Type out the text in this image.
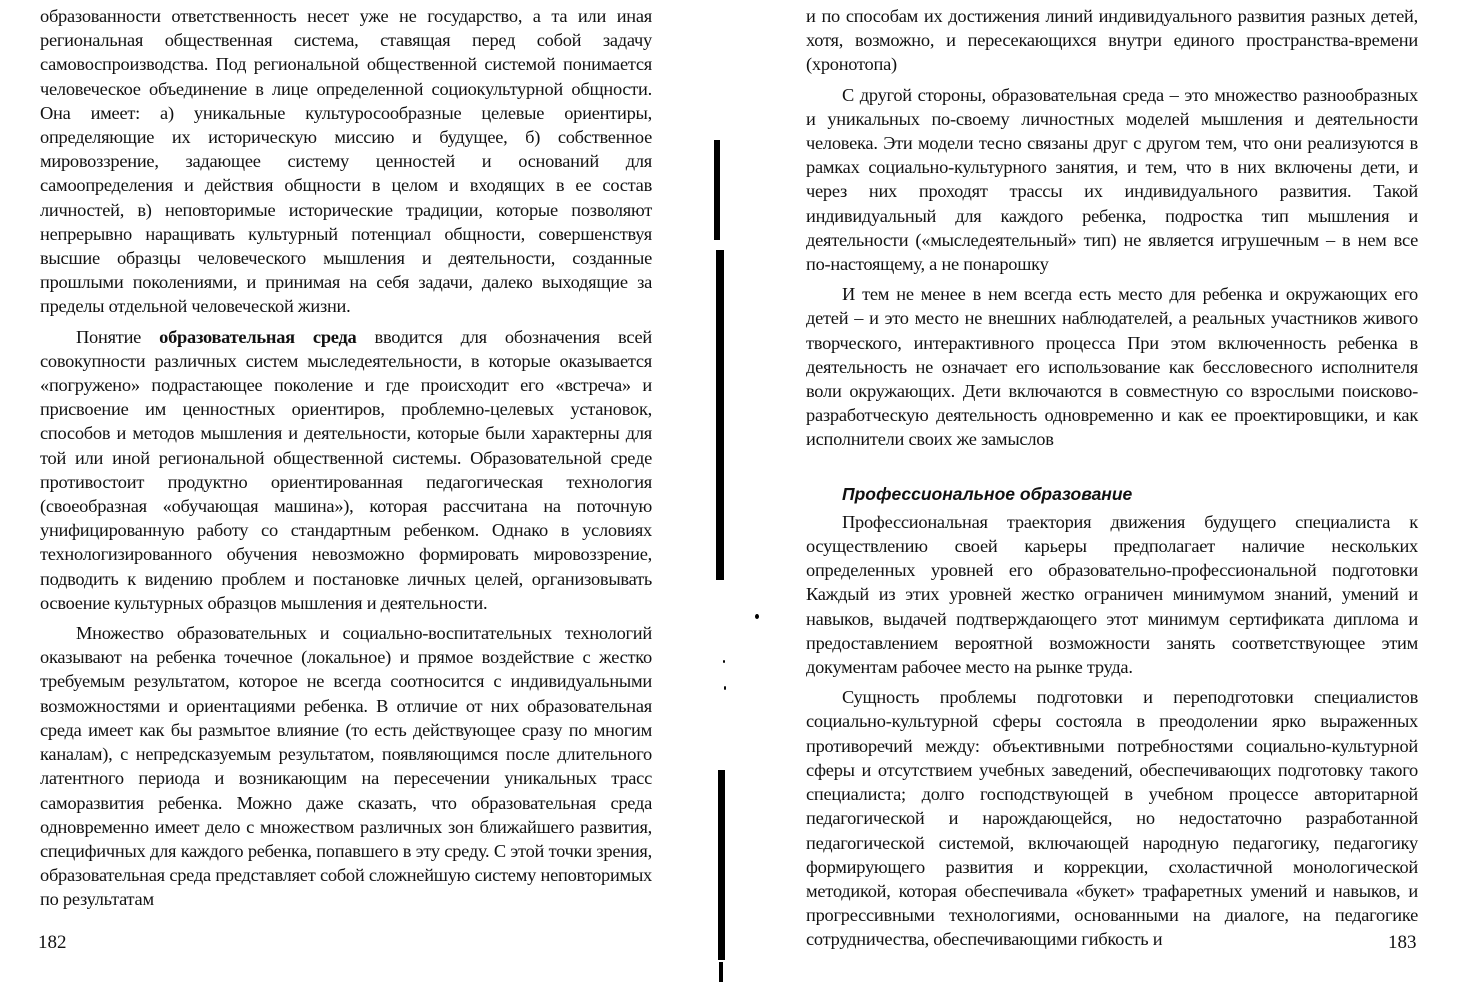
образованности ответственность несет уже не государство, а та или иная региональная общественная система, ставящая перед собой задачу самовоспроизводства. Под региональной общественной системой понимается человеческое объединение в лице определенной социокультурной общности. Она имеет: а) уникальные культуросообразные целевые ориентиры, определяющие их историческую миссию и будущее, б) собственное мировоззрение, задающее систему ценностей и оснований для самоопределения и действия общности в целом и входящих в ее состав личностей, в) неповторимые исторические традиции, которые позволяют непрерывно наращивать культурный потенциал общности, совершенствуя высшие образцы человеческого мышления и деятельности, созданные прошлыми поколениями, и принимая на себя задачи, далеко выходящие за пределы отдельной человеческой жизни.

Понятие образовательная среда вводится для обозначения всей совокупности различных систем мыследеятельности, в которые оказывается «погружено» подрастающее поколение и где происходит его «встреча» и присвоение им ценностных ориентиров, проблемно-целевых установок, способов и методов мышления и деятельности, которые были характерны для той или иной региональной общественной системы. Образовательной среде противостоит продуктно ориентированная педагогическая технология (своеобразная «обучающая машина»), которая рассчитана на поточную унифицированную работу со стандартным ребенком. Однако в условиях технологизированного обучения невозможно формировать мировоззрение, подводить к видению проблем и постановке личных целей, организовывать освоение культурных образцов мышления и деятельности.

Множество образовательных и социально-воспитательных технологий оказывают на ребенка точечное (локальное) и прямое воздействие с жестко требуемым результатом, которое не всегда соотносится с индивидуальными возможностями и ориентациями ребенка. В отличие от них образовательная среда имеет как бы размытое влияние (то есть действующее сразу по многим каналам), с непредсказуемым результатом, появляющимся после длительного латентного периода и возникающим на пересечении уникальных трасс саморазвития ребенка. Можно даже сказать, что образовательная среда одновременно имеет дело с множеством различных зон ближайшего развития, специфичных для каждого ребенка, попавшего в эту среду. С этой точки зрения, образовательная среда представляет собой сложнейшую систему неповторимых по результатам

182

и по способам их достижения линий индивидуального развития разных детей, хотя, возможно, и пересекающихся внутри единого пространства-времени (хронотопа)

С другой стороны, образовательная среда – это множество разнообразных и уникальных по-своему личностных моделей мышления и деятельности человека. Эти модели тесно связаны друг с другом тем, что они реализуются в рамках социально-культурного занятия, и тем, что в них включены дети, и через них проходят трассы их индивидуального развития. Такой индивидуальный для каждого ребенка, подростка тип мышления и деятельности («мыследеятельный» тип) не является игрушечным – в нем все по-настоящему, а не понарошку

И тем не менее в нем всегда есть место для ребенка и окружающих его детей – и это место не внешних наблюдателей, а реальных участников живого творческого, интерактивного процесса При этом включенность ребенка в деятельность не означает его использование как бессловесного исполнителя воли окружающих. Дети включаются в совместную со взрослыми поисково-разработческую деятельность одновременно и как ее проектировщики, и как исполнители своих же замыслов

Профессиональное образование

Профессиональная траектория движения будущего специалиста к осуществлению своей карьеры предполагает наличие нескольких определенных уровней его образовательно-профессиональной подготовки Каждый из этих уровней жестко ограничен минимумом знаний, умений и навыков, выдачей подтверждающего этот минимум сертификата диплома и предоставлением вероятной возможности занять соответствующее этим документам рабочее место на рынке труда.

Сущность проблемы подготовки и переподготовки специалистов социально-культурной сферы состояла в преодолении ярко выраженных противоречий между: объективными потребностями социально-культурной сферы и отсутствием учебных заведений, обеспечивающих подготовку такого специалиста; долго господствующей в учебном процессе авторитарной педагогической и нарождающейся, но недостаточно разработанной педагогической системой, включающей народную педагогику, педагогику формирующего развития и коррекции, схоластичной монологической методикой, которая обеспечивала «букет» трафаретных умений и навыков, и прогрессивными технологиями, основанными на диалоге, на педагогике сотрудничества, обеспечивающими гибкость и	183
